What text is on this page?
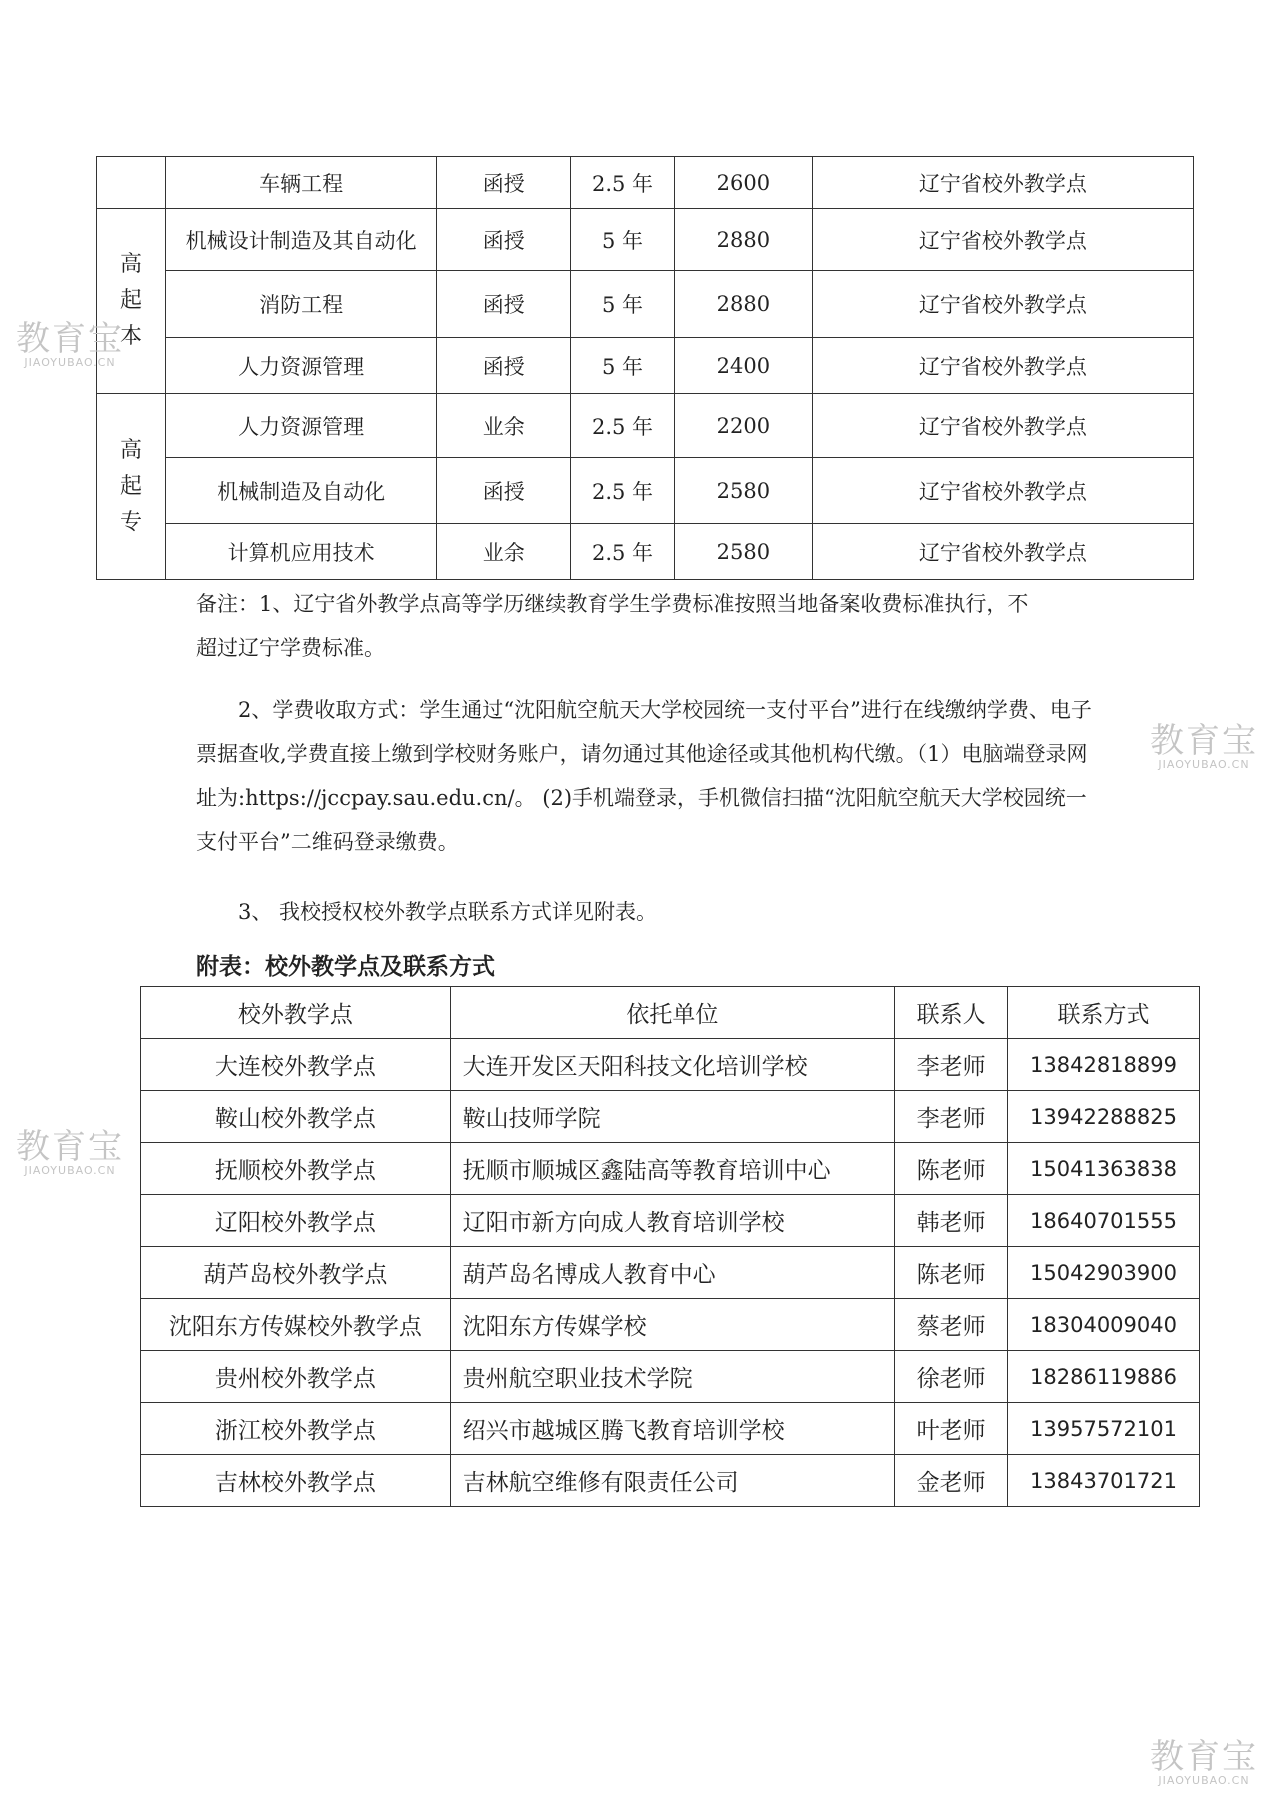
	车辆工程	函授	2.5 年	2600	辽宁省校外教学点

高起本	机械设计制造及其自动化	函授	5 年	2880	辽宁省校外教学点
	消防工程	函授	5 年	2880	辽宁省校外教学点
	人力资源管理	函授	5 年	2400	辽宁省校外教学点

高起专	人力资源管理	业余	2.5 年	2200	辽宁省校外教学点
	机械制造及自动化	函授	2.5 年	2580	辽宁省校外教学点
	计算机应用技术	业余	2.5 年	2580	辽宁省校外教学点
备注：1、辽宁省外教学点高等学历继续教育学生学费标准按照当地备案收费标准执行，不
超过辽宁学费标准。
2、学费收取方式：学生通过“沈阳航空航天大学校园统一支付平台”进行在线缴纳学费、电子票据查收,学费直接上缴到学校财务账户，请勿通过其他途径或其他机构代缴。（1）电脑端登录网址为:https://jccpay.sau.edu.cn/。 (2)手机端登录，手机微信扫描“沈阳航空航天大学校园统一支付平台”二维码登录缴费。
3、 我校授权校外教学点联系方式详见附表。
附表：校外教学点及联系方式
校外教学点	依托单位	联系人	联系方式
大连校外教学点	大连开发区天阳科技文化培训学校	李老师	13842818899
鞍山校外教学点	鞍山技师学院	李老师	13942288825
抚顺校外教学点	抚顺市顺城区鑫陆高等教育培训中心	陈老师	15041363838
辽阳校外教学点	辽阳市新方向成人教育培训学校	韩老师	18640701555
葫芦岛校外教学点	葫芦岛名博成人教育中心	陈老师	15042903900
沈阳东方传媒校外教学点	沈阳东方传媒学校	蔡老师	18304009040
贵州校外教学点	贵州航空职业技术学院	徐老师	18286119886
浙江校外教学点	绍兴市越城区腾飞教育培训学校	叶老师	13957572101
吉林校外教学点	吉林航空维修有限责任公司	金老师	13843701721
教育宝
JIAOYUBAO.CN
教育宝
JIAOYUBAO.CN
教育宝
JIAOYUBAO.CN
教育宝
JIAOYUBAO.CN
